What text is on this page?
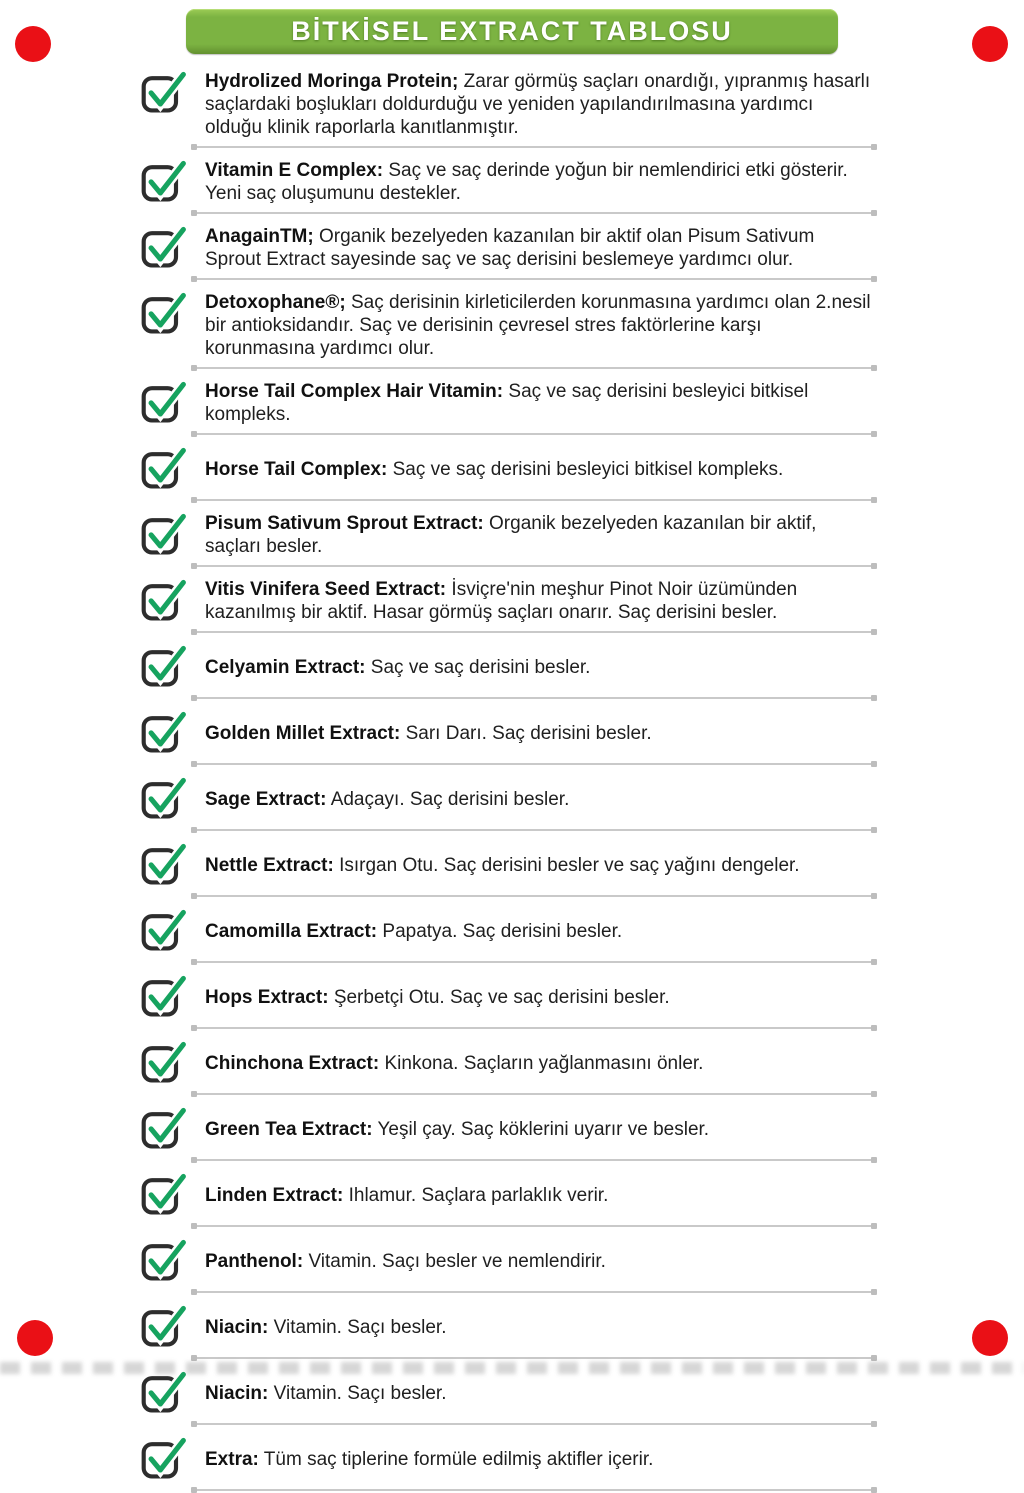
BİTKİSEL EXTRACT TABLOSU

Hydrolized Moringa Protein; Zarar görmüş saçları onardığı, yıpranmış hasarlı saçlardaki boşlukları doldurduğu ve yeniden yapılandırılmasına yardımcı olduğu klinik raporlarla kanıtlanmıştır.

Vitamin E Complex: Saç ve saç derinde yoğun bir nemlendirici etki gösterir. Yeni saç oluşumunu destekler.

AnagainTM; Organik bezelyeden kazanılan bir aktif olan Pisum Sativum Sprout Extract sayesinde saç ve saç derisini beslemeye yardımcı olur.

Detoxophane®; Saç derisinin kirleticilerden korunmasına yardımcı olan 2.nesil bir antioksidandır. Saç ve derisinin çevresel stres faktörlerine karşı korunmasına yardımcı olur.

Horse Tail Complex Hair Vitamin: Saç ve saç derisini besleyici bitkisel kompleks.

Horse Tail Complex: Saç ve saç derisini besleyici bitkisel kompleks.

Pisum Sativum Sprout Extract: Organik bezelyeden kazanılan bir aktif, saçları besler.

Vitis Vinifera Seed Extract: İsviçre'nin meşhur Pinot Noir üzümünden kazanılmış bir aktif. Hasar görmüş saçları onarır. Saç derisini besler.

Celyamin Extract: Saç ve saç derisini besler.

Golden Millet Extract: Sarı Darı. Saç derisini besler.

Sage Extract: Adaçayı. Saç derisini besler.

Nettle Extract: Isırgan Otu. Saç derisini besler ve saç yağını dengeler.

Camomilla Extract: Papatya. Saç derisini besler.

Hops Extract: Şerbetçi Otu. Saç ve saç derisini besler.

Chinchona Extract: Kinkona. Saçların yağlanmasını önler.

Green Tea Extract: Yeşil çay. Saç köklerini uyarır ve besler.

Linden Extract: Ihlamur. Saçlara parlaklık verir.

Panthenol: Vitamin. Saçı besler ve nemlendirir.

Niacin: Vitamin. Saçı besler.

Niacin: Vitamin. Saçı besler.

Extra: Tüm saç tiplerine formüle edilmiş aktifler içerir.
